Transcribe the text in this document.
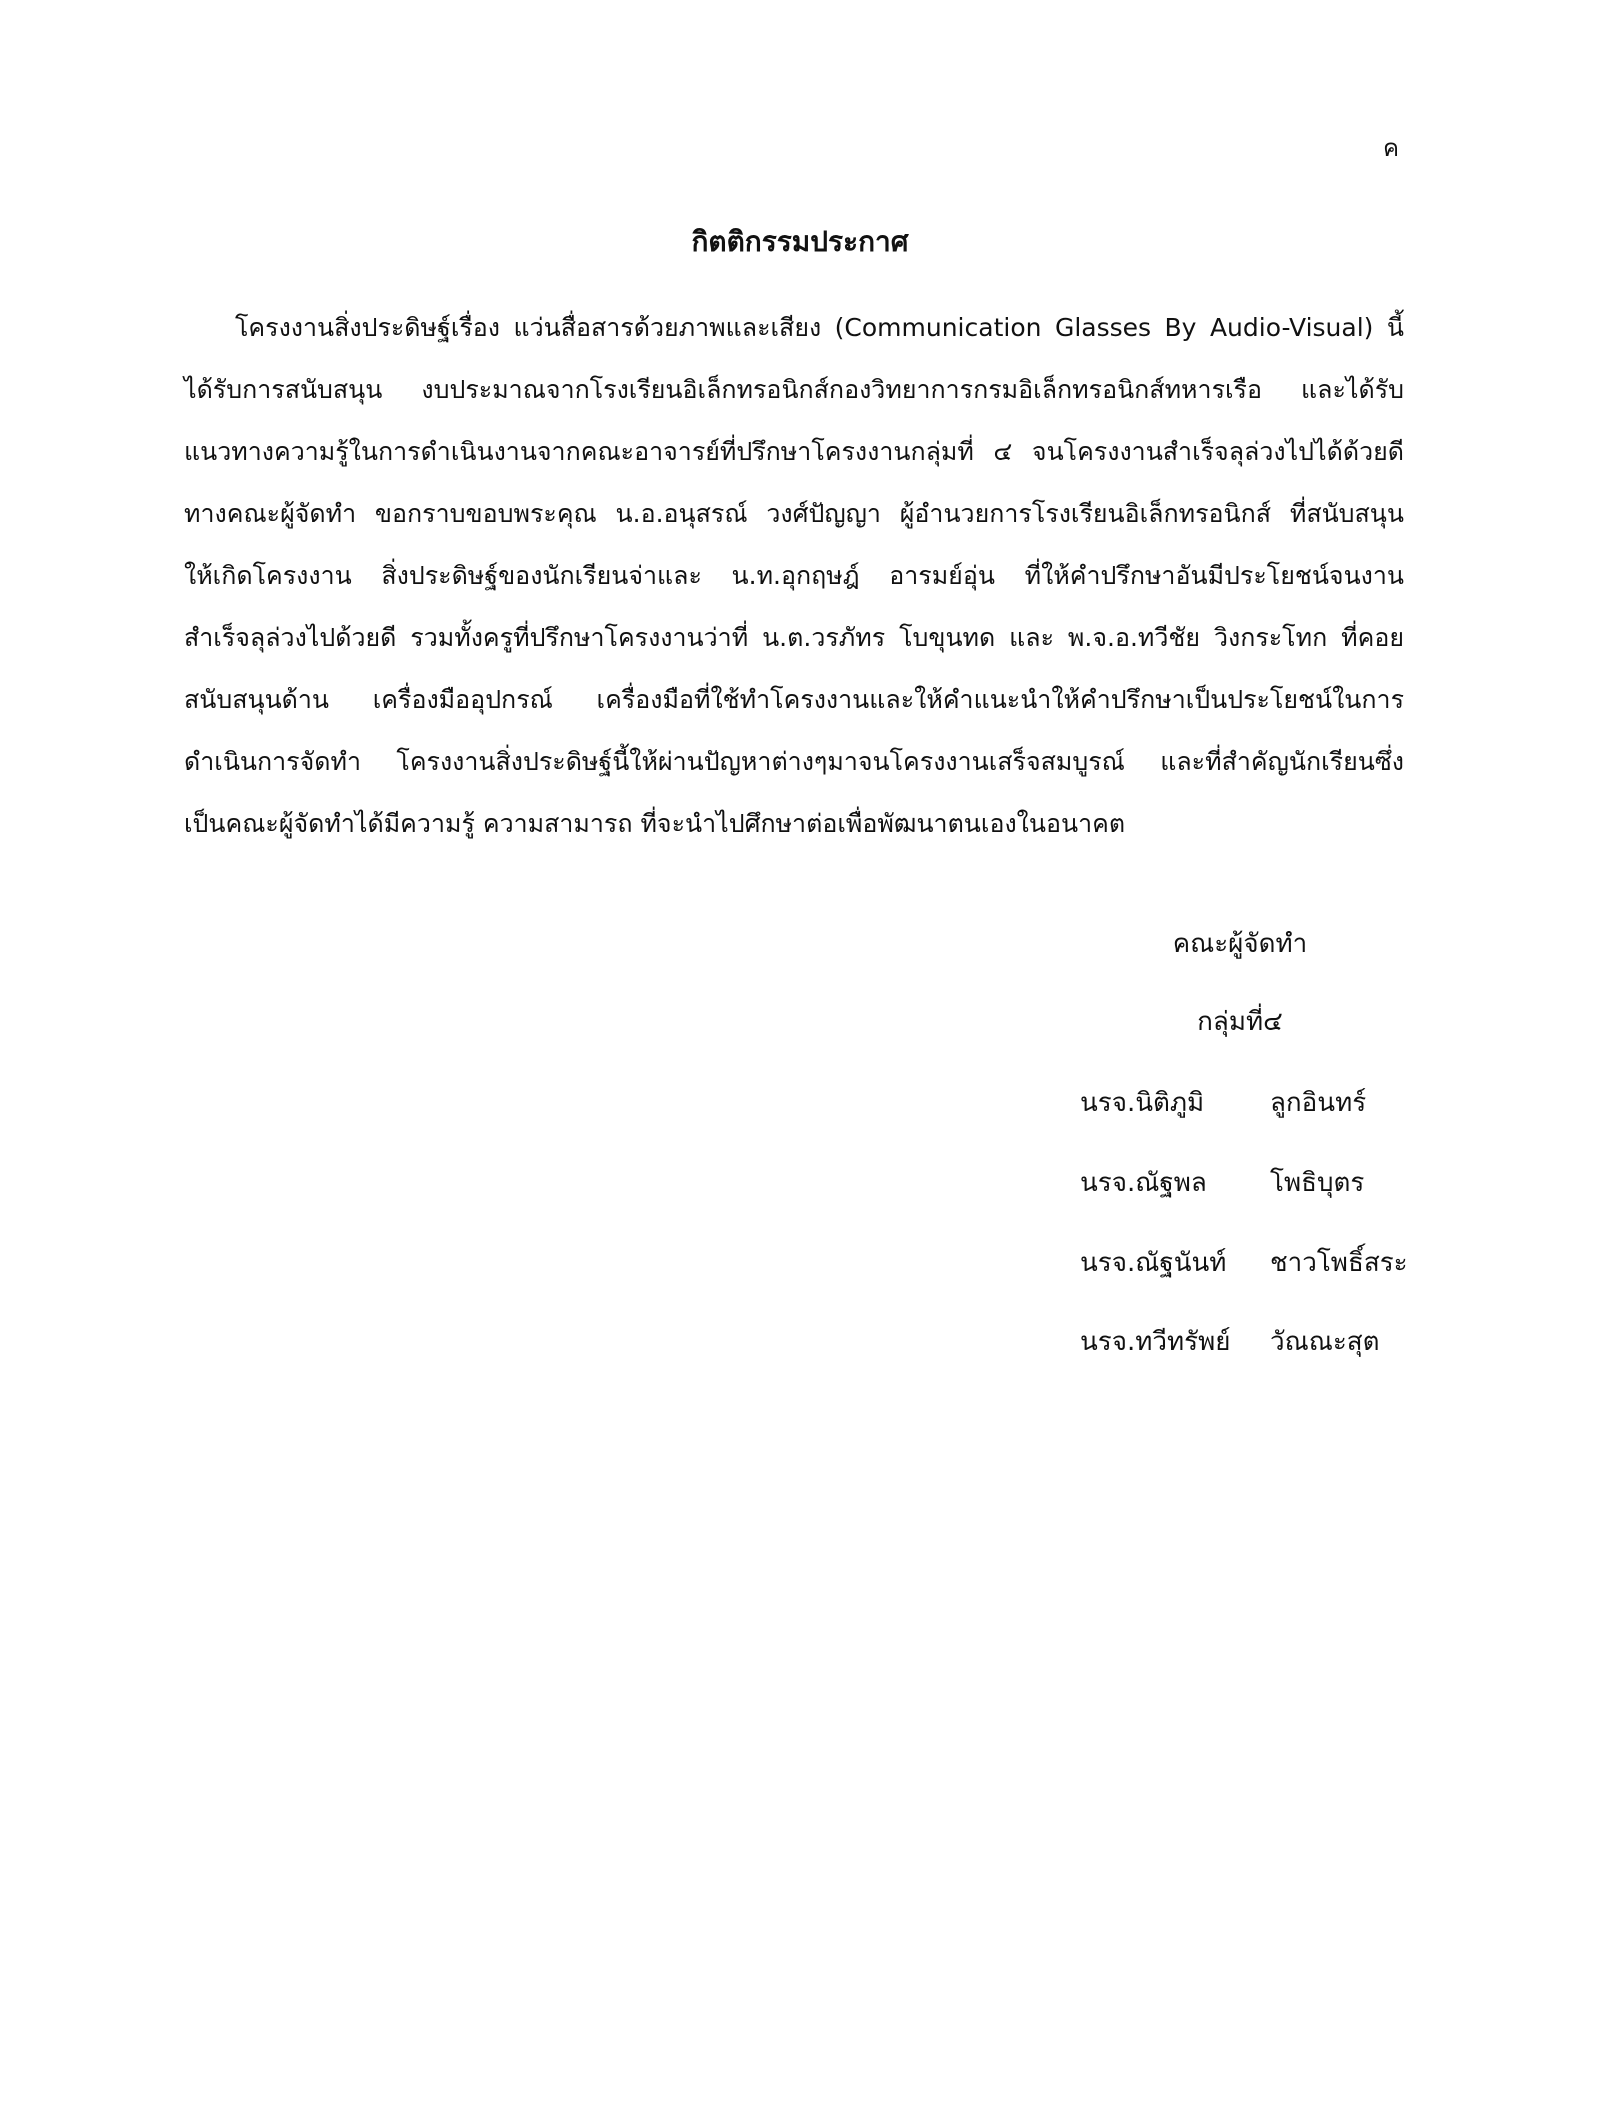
ค
กิตติกรรมประกาศ
โครงงานสิ่งประดิษฐ์เรื่อง แว่นสื่อสารด้วยภาพและเสียง (Communication Glasses By Audio-Visual) นี้
ได้รับการสนับสนุน งบประมาณจากโรงเรียนอิเล็กทรอนิกส์กองวิทยาการกรมอิเล็กทรอนิกส์ทหารเรือ และได้รับ
แนวทางความรู้ในการดำเนินงานจากคณะอาจารย์ที่ปรึกษาโครงงานกลุ่มที่ ๔ จนโครงงานสำเร็จลุล่วงไปได้ด้วยดี
ทางคณะผู้จัดทำ ขอกราบขอบพระคุณ น.อ.อนุสรณ์ วงศ์ปัญญา ผู้อำนวยการโรงเรียนอิเล็กทรอนิกส์ ที่สนับสนุน
ให้เกิดโครงงาน สิ่งประดิษฐ์ของนักเรียนจ่าและ น.ท.อุกฤษฎ์ อารมย์อุ่น ที่ให้คำปรึกษาอันมีประโยชน์จนงาน
สำเร็จลุล่วงไปด้วยดี รวมทั้งครูที่ปรึกษาโครงงานว่าที่ น.ต.วรภัทร โบขุนทด และ พ.จ.อ.ทวีชัย วิงกระโทก ที่คอย
สนับสนุนด้าน เครื่องมืออุปกรณ์ เครื่องมือที่ใช้ทำโครงงานและให้คำแนะนำให้คำปรึกษาเป็นประโยชน์ในการ
ดำเนินการจัดทำ โครงงานสิ่งประดิษฐ์นี้ให้ผ่านปัญหาต่างๆมาจนโครงงานเสร็จสมบูรณ์ และที่สำคัญนักเรียนซึ่ง
เป็นคณะผู้จัดทำได้มีความรู้ ความสามารถ ที่จะนำไปศึกษาต่อเพื่อพัฒนาตนเองในอนาคต
คณะผู้จัดทำ
กลุ่มที่๔
นรจ.นิติภูมิ	ลูกอินทร์
นรจ.ณัฐพล โพธิบุตร
นรจ.ณัฐนันท์ ชาวโพธิ์สระ
นรจ.ทวีทรัพย์ วัณณะสุต
